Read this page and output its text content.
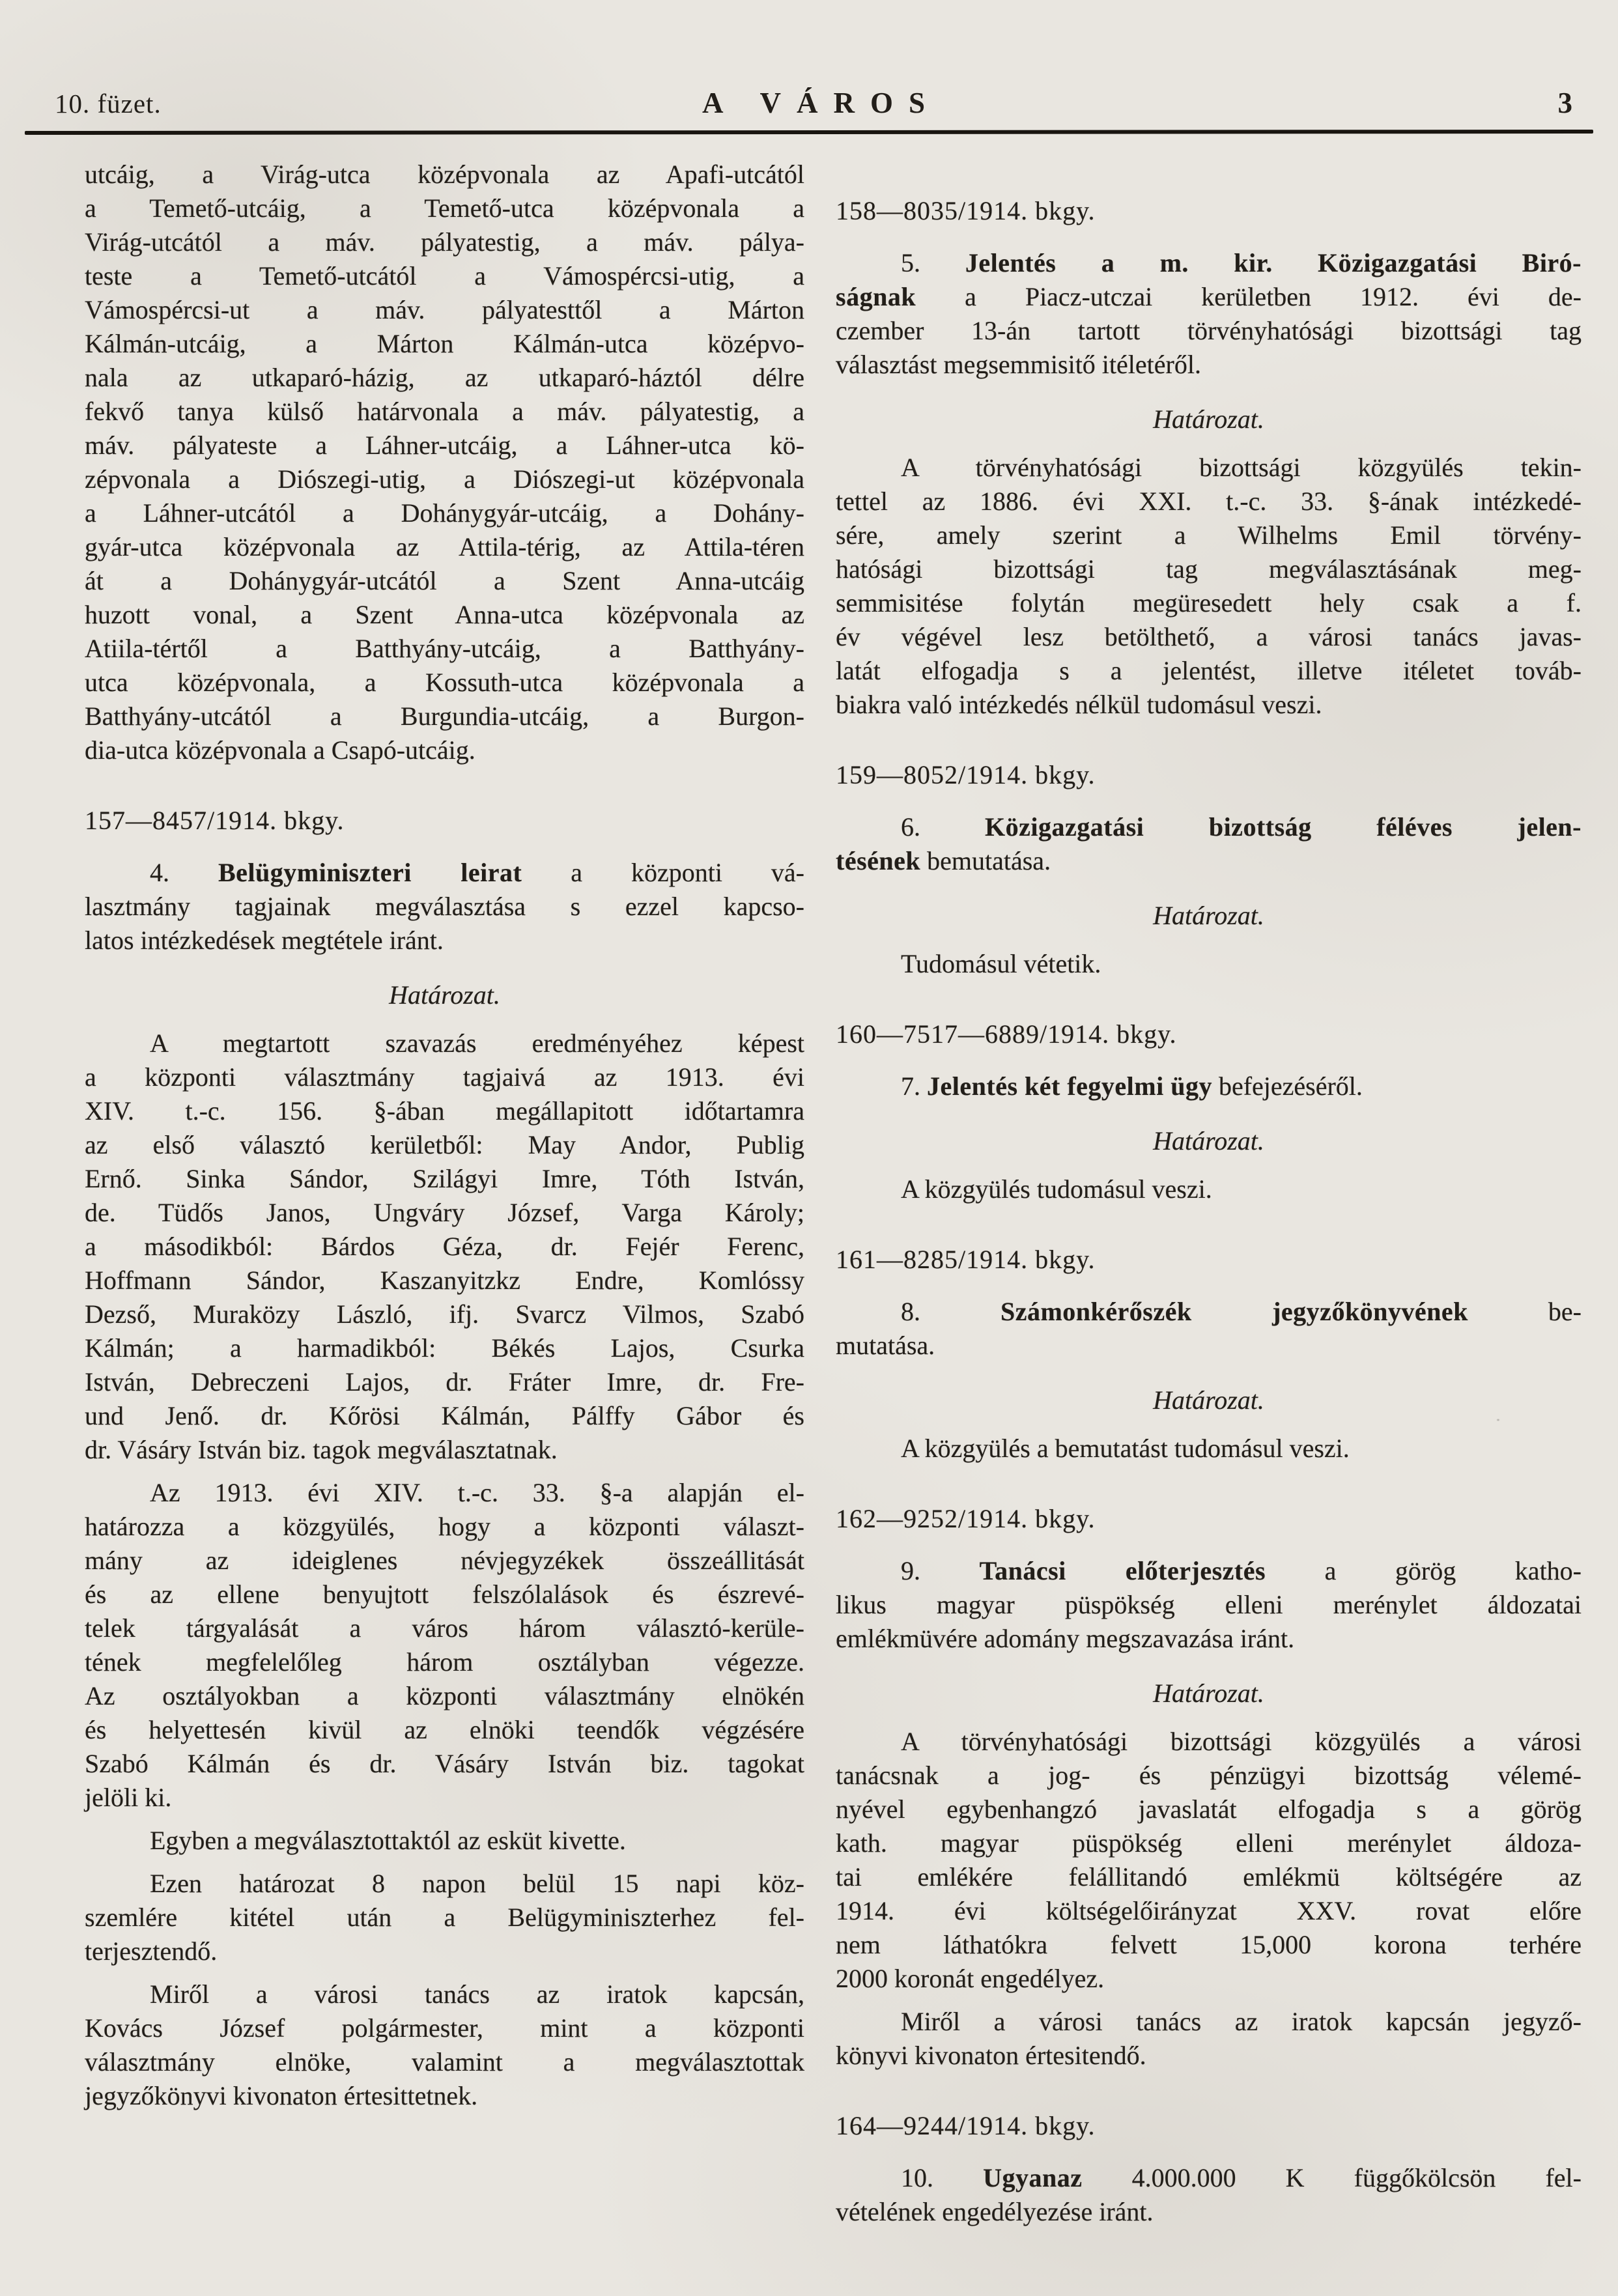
10. füzet.	A VÁROS	3
utcáig, a Virág-utca középvonala az Apafi-utcától
a Temető-utcáig, a Temető-utca középvonala a
Virág-utcától a máv. pályatestig, a máv. pálya-
teste a Temető-utcától a Vámospércsi-utig, a
Vámospércsi-ut a máv. pályatesttől a Márton
Kálmán-utcáig, a Márton Kálmán-utca középvo-
nala az utkaparó-házig, az utkaparó-háztól délre
fekvő tanya külső határvonala a máv. pályatestig, a
máv. pályateste a Láhner-utcáig, a Láhner-utca kö-
zépvonala a Diószegi-utig, a Diószegi-ut középvonala
a Láhner-utcától a Dohánygyár-utcáig, a Dohány-
gyár-utca középvonala az Attila-térig, az Attila-téren
át a Dohánygyár-utcától a Szent Anna-utcáig
huzott vonal, a Szent Anna-utca középvonala az
Atiila-tértől a Batthyány-utcáig, a Batthyány-
utca középvonala, a Kossuth-utca középvonala a
Batthyány-utcától a Burgundia-utcáig, a Burgon-
dia-utca középvonala a Csapó-utcáig.
157—8457/1914. bkgy.
4. Belügyminiszteri leirat a központi vá-
lasztmány tagjainak megválasztása s ezzel kapcso-
latos intézkedések megtétele iránt.
Határozat.
A megtartott szavazás eredményéhez képest
a központi választmány tagjaivá az 1913. évi
XIV. t.-c. 156. §-ában megállapitott időtartamra
az első választó kerületből: May Andor, Publig
Ernő. Sinka Sándor, Szilágyi Imre, Tóth István,
de. Tüdős Janos, Ungváry József, Varga Károly;
a másodikból: Bárdos Géza, dr. Fejér Ferenc,
Hoffmann Sándor, Kaszanyitzkz Endre, Komlóssy
Dezső, Muraközy László, ifj. Svarcz Vilmos, Szabó
Kálmán; a harmadikból: Békés Lajos, Csurka
István, Debreczeni Lajos, dr. Fráter Imre, dr. Fre-
und Jenő. dr. Kőrösi Kálmán, Pálffy Gábor és
dr. Vásáry István biz. tagok megválasztatnak.
Az 1913. évi XIV. t.-c. 33. §-a alapján el-
határozza a közgyülés, hogy a központi választ-
mány az ideiglenes névjegyzékek összeállitását
és az ellene benyujtott felszólalások és észrevé-
telek tárgyalását a város három választó-kerüle-
tének megfelelőleg három osztályban végezze.
Az osztályokban a központi választmány elnökén
és helyettesén kivül az elnöki teendők végzésére
Szabó Kálmán és dr. Vásáry István biz. tagokat
jelöli ki.
Egyben a megválasztottaktól az esküt kivette.
Ezen határozat 8 napon belül 15 napi köz-
szemlére kitétel után a Belügyminiszterhez fel-
terjesztendő.
Miről a városi tanács az iratok kapcsán,
Kovács József polgármester, mint a központi
választmány elnöke, valamint a megválasztottak
jegyzőkönyvi kivonaton értesittetnek.
158—8035/1914. bkgy.
5. Jelentés a m. kir. Közigazgatási Biró-
ságnak a Piacz-utczai kerületben 1912. évi de-
czember 13-án tartott törvényhatósági bizottsági tag
választást megsemmisitő itéletéről.
Határozat.
A törvényhatósági bizottsági közgyülés tekin-
tettel az 1886. évi XXI. t.-c. 33. §-ának intézkedé-
sére, amely szerint a Wilhelms Emil törvény-
hatósági bizottsági tag megválasztásának meg-
semmisitése folytán megüresedett hely csak a f.
év végével lesz betölthető, a városi tanács javas-
latát elfogadja s a jelentést, illetve itéletet továb-
biakra való intézkedés nélkül tudomásul veszi.
159—8052/1914. bkgy.
6. Közigazgatási bizottság féléves jelen-
tésének bemutatása.
Határozat.
Tudomásul vétetik.
160—7517—6889/1914. bkgy.
7. Jelentés két fegyelmi ügy befejezéséről.
Határozat.
A közgyülés tudomásul veszi.
161—8285/1914. bkgy.
8. Számonkérőszék jegyzőkönyvének be-
mutatása.
Határozat.
A közgyülés a bemutatást tudomásul veszi.
162—9252/1914. bkgy.
9. Tanácsi előterjesztés a görög katho-
likus magyar püspökség elleni merénylet áldozatai
emlékmüvére adomány megszavazása iránt.
Határozat.
A törvényhatósági bizottsági közgyülés a városi
tanácsnak a jog- és pénzügyi bizottság vélemé-
nyével egybenhangzó javaslatát elfogadja s a görög
kath. magyar püspökség elleni merénylet áldoza-
tai emlékére felállitandó emlékmü költségére az
1914. évi költségelőirányzat XXV. rovat előre
nem láthatókra felvett 15,000 korona terhére
2000 koronát engedélyez.
Miről a városi tanács az iratok kapcsán jegyző-
könyvi kivonaton értesitendő.
164—9244/1914. bkgy.
10. Ugyanaz 4.000.000 K függőkölcsön fel-
vételének engedélyezése iránt.
